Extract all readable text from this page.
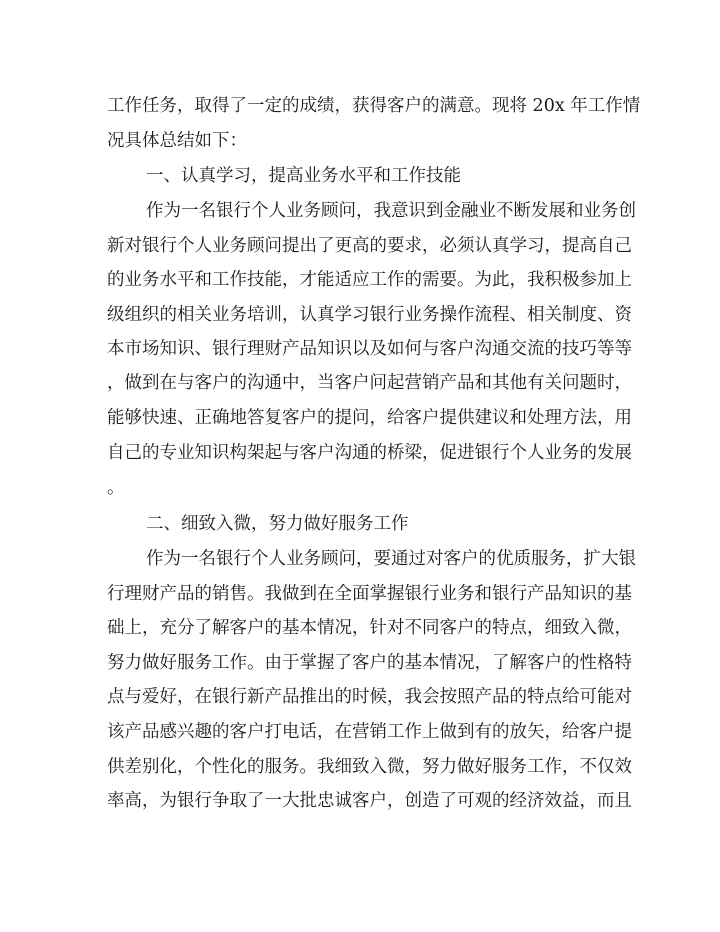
工作任务，取得了一定的成绩，获得客户的满意。现将 20x 年工作情

况具体总结如下：

一、认真学习，提高业务水平和工作技能

作为一名银行个人业务顾问，我意识到金融业不断发展和业务创

新对银行个人业务顾问提出了更高的要求，必须认真学习，提高自己

的业务水平和工作技能，才能适应工作的需要。为此，我积极参加上

级组织的相关业务培训，认真学习银行业务操作流程、相关制度、资

本市场知识、银行理财产品知识以及如何与客户沟通交流的技巧等等

，做到在与客户的沟通中，当客户问起营销产品和其他有关问题时，

能够快速、正确地答复客户的提问，给客户提供建议和处理方法，用

自己的专业知识构架起与客户沟通的桥梁，促进银行个人业务的发展

。

二、细致入微，努力做好服务工作

作为一名银行个人业务顾问，要通过对客户的优质服务，扩大银

行理财产品的销售。我做到在全面掌握银行业务和银行产品知识的基

础上，充分了解客户的基本情况，针对不同客户的特点，细致入微，

努力做好服务工作。由于掌握了客户的基本情况，了解客户的性格特

点与爱好，在银行新产品推出的时候，我会按照产品的特点给可能对

该产品感兴趣的客户打电话，在营销工作上做到有的放矢，给客户提

供差别化，个性化的服务。我细致入微，努力做好服务工作，不仅效

率高，为银行争取了一大批忠诚客户，创造了可观的经济效益，而且
